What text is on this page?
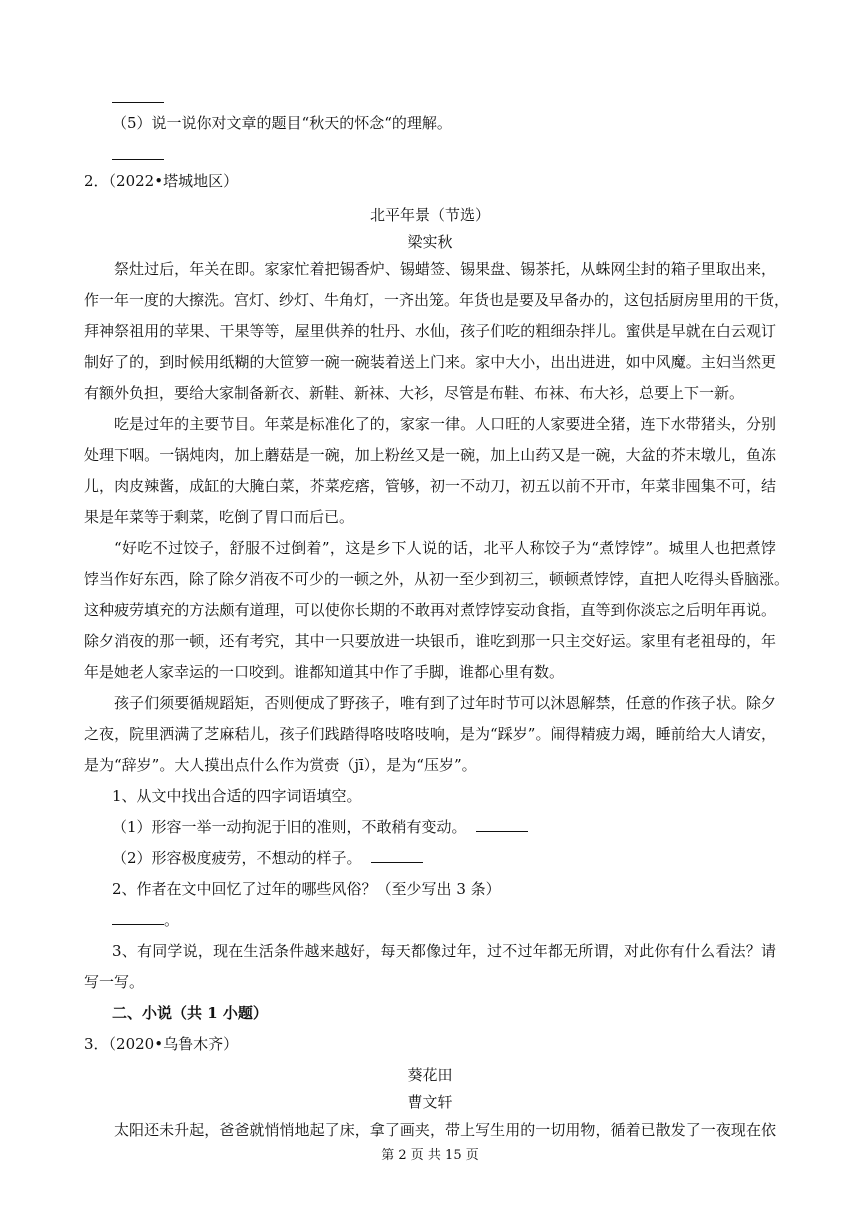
（5）说一说你对文章的题目“秋天的怀念“的理解。
2．（2022•塔城地区）
北平年景（节选）
梁实秋
祭灶过后，年关在即。家家忙着把锡香炉、锡蜡签、锡果盘、锡茶托，从蛛网尘封的箱子里取出来，
作一年一度的大擦洗。宫灯、纱灯、牛角灯，一齐出笼。年货也是要及早备办的，这包括厨房里用的干货，
拜神祭祖用的苹果、干果等等，屋里供养的牡丹、水仙，孩子们吃的粗细杂拌儿。蜜供是早就在白云观订
制好了的，到时候用纸糊的大笸箩一碗一碗装着送上门来。家中大小，出出进进，如中风魔。主妇当然更
有额外负担，要给大家制备新衣、新鞋、新袜、大衫，尽管是布鞋、布袜、布大衫，总要上下一新。
吃是过年的主要节目。年菜是标准化了的，家家一律。人口旺的人家要进全猪，连下水带猪头，分别
处理下咽。一锅炖肉，加上蘑菇是一碗，加上粉丝又是一碗，加上山药又是一碗，大盆的芥末墩儿，鱼冻
儿，肉皮辣酱，成缸的大腌白菜，芥菜疙瘩，管够，初一不动刀，初五以前不开市，年菜非囤集不可，结
果是年菜等于剩菜，吃倒了胃口而后已。
“好吃不过饺子，舒服不过倒着”，这是乡下人说的话，北平人称饺子为“煮饽饽”。城里人也把煮饽
饽当作好东西，除了除夕消夜不可少的一顿之外，从初一至少到初三，顿顿煮饽饽，直把人吃得头昏脑涨。
这种疲劳填充的方法颇有道理，可以使你长期的不敢再对煮饽饽妄动食指，直等到你淡忘之后明年再说。
除夕消夜的那一顿，还有考究，其中一只要放进一块银币，谁吃到那一只主交好运。家里有老祖母的，年
年是她老人家幸运的一口咬到。谁都知道其中作了手脚，谁都心里有数。
孩子们须要循规蹈矩，否则便成了野孩子，唯有到了过年时节可以沐恩解禁，任意的作孩子状。除夕
之夜，院里洒满了芝麻秸儿，孩子们践踏得咯吱咯吱响，是为“踩岁”。闹得精疲力竭，睡前给大人请安，
是为“辞岁”。大人摸出点什么作为赏赍（jī），是为“压岁”。
1、从文中找出合适的四字词语填空。
（1）形容一举一动拘泥于旧的准则，不敢稍有变动。
（2）形容极度疲劳，不想动的样子。
2、作者在文中回忆了过年的哪些风俗？（至少写出 3 条）
。
3、有同学说，现在生活条件越来越好，每天都像过年，过不过年都无所谓，对此你有什么看法？请
写一写。
二、小说（共 1 小题）
3．（2020•乌鲁木齐）
葵花田
曹文轩
太阳还未升起，爸爸就悄悄地起了床，拿了画夹，带上写生用的一切用物，循着已散发了一夜现在依
第 2 页 共 15 页
